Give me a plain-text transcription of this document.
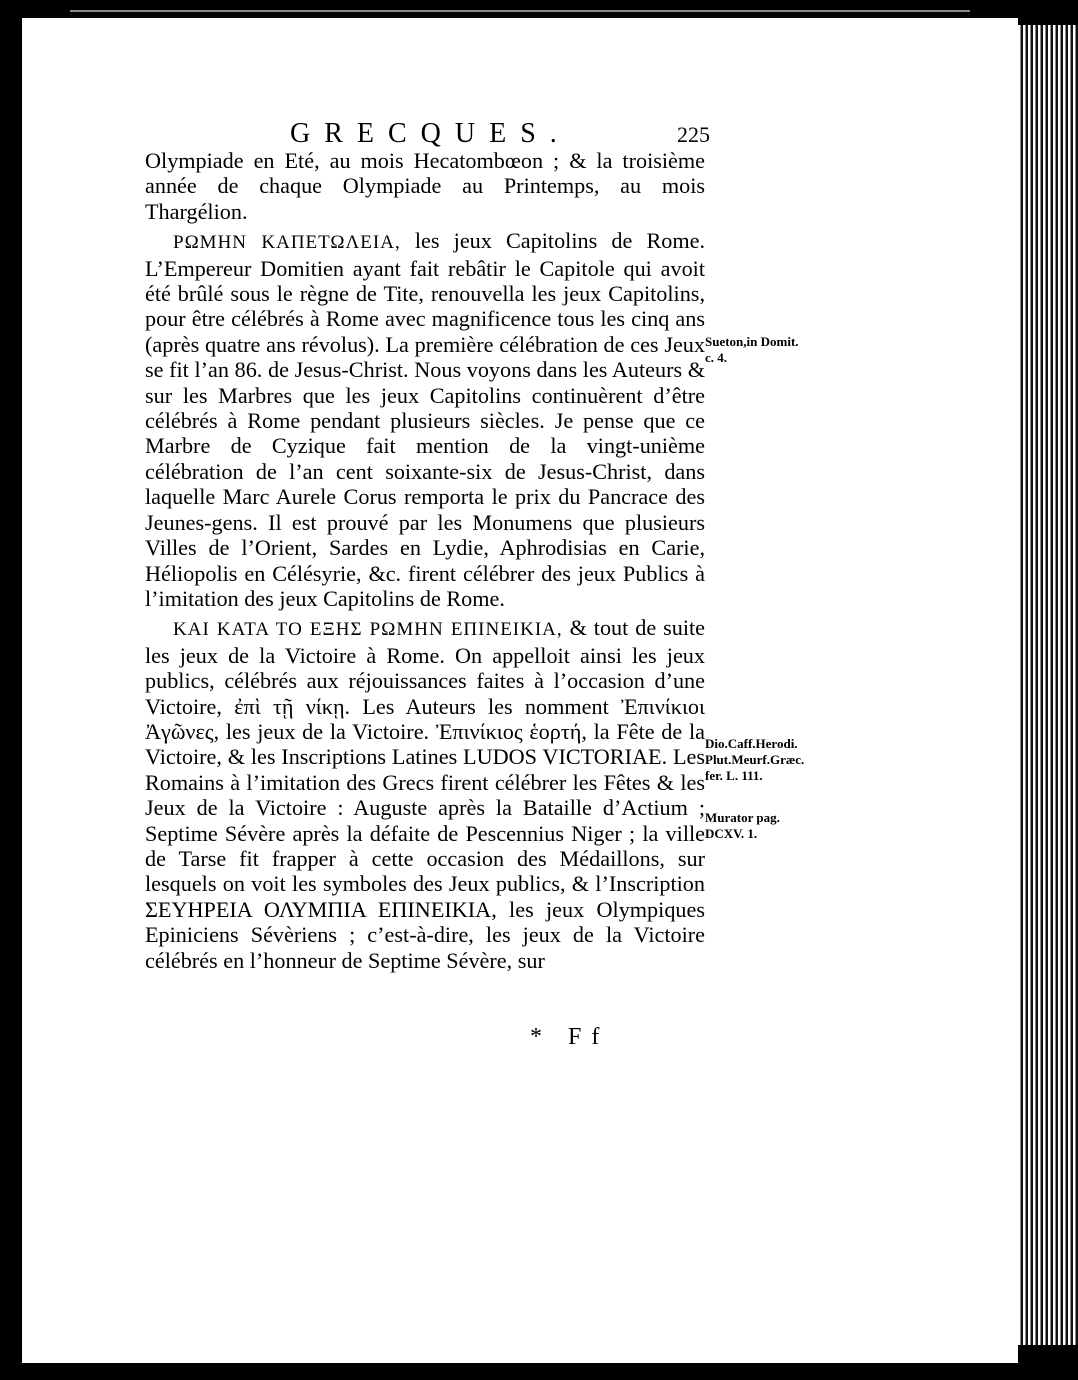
GRECQUES.	225

Olympiade en Eté, au mois Hecatombœon ; & la troisième année de chaque Olympiade au Printemps, au mois Thargélion.

ΡΩΜΗΝ ΚΑΠΕΤΩΛΕΙΑ, les jeux Capitolins de Rome. L’Empereur Domitien ayant fait rebâtir le Capitole qui avoit été brûlé sous le règne de Tite, renouvella les jeux Capitolins, pour être célébrés à Rome avec magnificence tous les cinq ans (après quatre ans révolus). La première célébration de ces Jeux se fit l’an 86. de Jesus-Christ. Nous voyons dans les Auteurs & sur les Marbres que les jeux Capitolins continuèrent d’être célébrés à Rome pendant plusieurs siècles. Je pense que ce Marbre de Cyzique fait mention de la vingt-unième célébration de l’an cent soixante-six de Jesus-Christ, dans laquelle Marc Aurele Corus remporta le prix du Pancrace des Jeunes-gens. Il est prouvé par les Monumens que plusieurs Villes de l’Orient, Sardes en Lydie, Aphrodisias en Carie, Héliopolis en Célésyrie, &c. firent célébrer des jeux Publics à l’imitation des jeux Capitolins de Rome.

ΚΑΙ ΚΑΤΑ ΤΟ ΕΞΗΣ ΡΩΜΗΝ ΕΠΙΝΕΙΚΙΑ, & tout de suite les jeux de la Victoire à Rome. On appelloit ainsi les jeux publics, célébrés aux réjouissances faites à l’occasion d’une Victoire, ἐπὶ τῇ νίκῃ. Les Auteurs les nomment Ἐπινίκιοι Ἀγῶνες, les jeux de la Victoire. Ἐπινίκιος ἑορτή, la Fête de la Victoire, & les Inscriptions Latines LUDOS VICTORIAE. Les Romains à l’imitation des Grecs firent célébrer les Fêtes & les Jeux de la Victoire : Auguste après la Bataille d’Actium ; Septime Sévère après la défaite de Pescennius Niger ; la ville de Tarse fit frapper à cette occasion des Médaillons, sur lesquels on voit les symboles des Jeux publics, & l’Inscription ΣΕΥΗΡΕΙΑ ΟΛΥΜΠΙΑ ΕΠΙΝΕΙΚΙΑ, les jeux Olympiques Epiniciens Sévèriens ; c’est-à-dire, les jeux de la Victoire célébrés en l’honneur de Septime Sévère, sur

* Ff
Sueton,in Domit.
c. 4.
Dio.Caff.Herodi.
Plut.Meurf.Græc.
fer. L. 111.
Murator pag.
DCXV. 1.
